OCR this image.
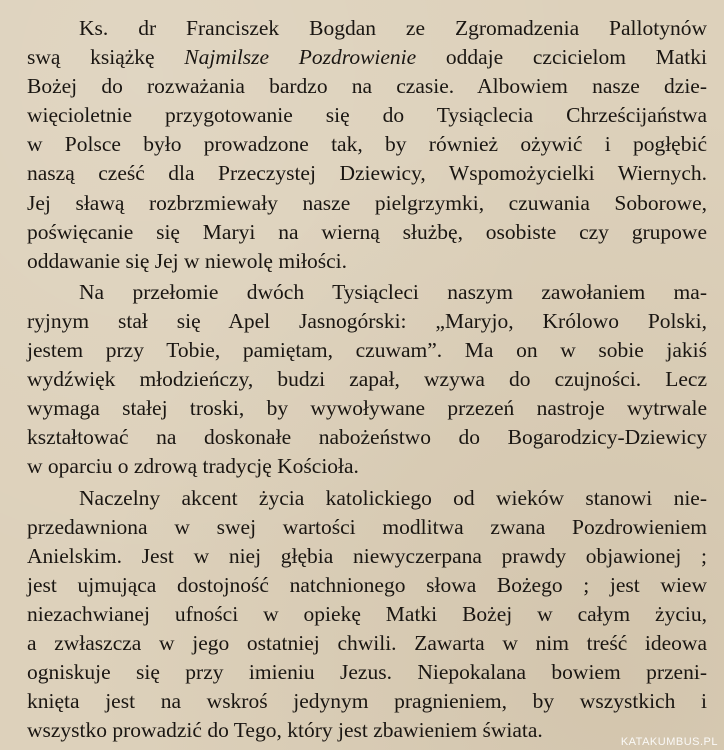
Ks. dr Franciszek Bogdan ze Zgromadzenia Pallotynów
swą książkę Najmilsze Pozdrowienie oddaje czcicielom Matki
Bożej do rozważania bardzo na czasie. Albowiem nasze dzie-
więcioletnie przygotowanie się do Tysiąclecia Chrześcijaństwa
w Polsce było prowadzone tak, by również ożywić i pogłębić
naszą cześć dla Przeczystej Dziewicy, Wspomożycielki Wiernych.
Jej sławą rozbrzmiewały nasze pielgrzymki, czuwania Soborowe,
poświęcanie się Maryi na wierną służbę, osobiste czy grupowe
oddawanie się Jej w niewolę miłości.
Na przełomie dwóch Tysiącleci naszym zawołaniem ma-
ryjnym stał się Apel Jasnogórski: „Maryjo, Królowo Polski,
jestem przy Tobie, pamiętam, czuwam”. Ma on w sobie jakiś
wydźwięk młodzieńczy, budzi zapał, wzywa do czujności. Lecz
wymaga stałej troski, by wywoływane przezeń nastroje wytrwale
kształtować na doskonałe nabożeństwo do Bogarodzicy-Dziewicy
w oparciu o zdrową tradycję Kościoła.
Naczelny akcent życia katolickiego od wieków stanowi nie-
przedawniona w swej wartości modlitwa zwana Pozdrowieniem
Anielskim. Jest w niej głębia niewyczerpana prawdy objawionej ;
jest ujmująca dostojność natchnionego słowa Bożego ; jest wiew
niezachwianej ufności w opiekę Matki Bożej w całym życiu,
a zwłaszcza w jego ostatniej chwili. Zawarta w nim treść ideowa
ogniskuje się przy imieniu Jezus. Niepokalana bowiem przeni-
knięta jest na wskroś jedynym pragnieniem, by wszystkich i
wszystko prowadzić do Tego, który jest zbawieniem świata.	KATAKUMBUS.PL
